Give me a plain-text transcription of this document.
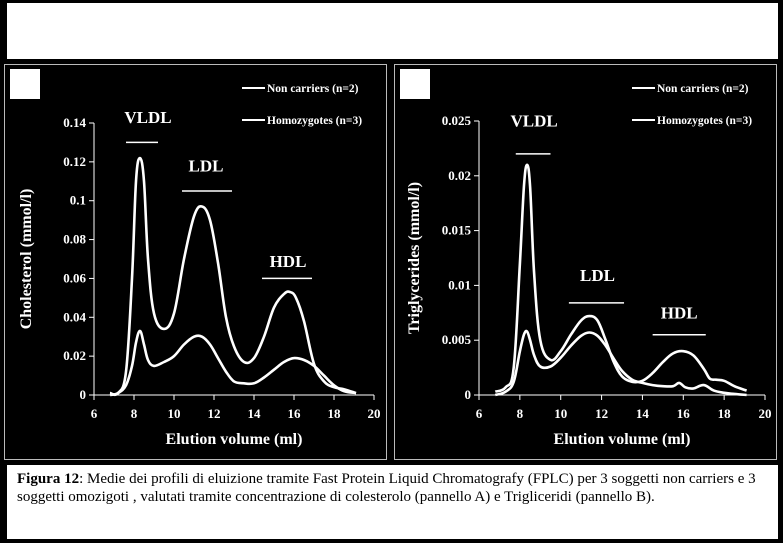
0
0.02
0.04
0.06
0.08
0.1
0.12
0.14
6	8 10 12 14 16 18 20
Elution volume (ml)
Cholesterol (mmol/l)
Non carriers (n=2)
Homozygotes (n=3)
VLDL
LDL
HDL
0
0.005
0.01
0.015
0.02
0.025
6	8 10 12 14 16 18 20
Elution volume (ml)
Triglycerides (mmol/l)
Non carriers (n=2)
Homozygotes (n=3)
VLDL
LDL
HDL
Figura 12: Medie dei profili di eluizione tramite Fast Protein Liquid Chromatografy (FPLC) per 3 soggetti non carriers e 3 soggetti omozigoti , valutati tramite concentrazione di colesterolo (pannello A) e Trigliceridi (pannello B).
